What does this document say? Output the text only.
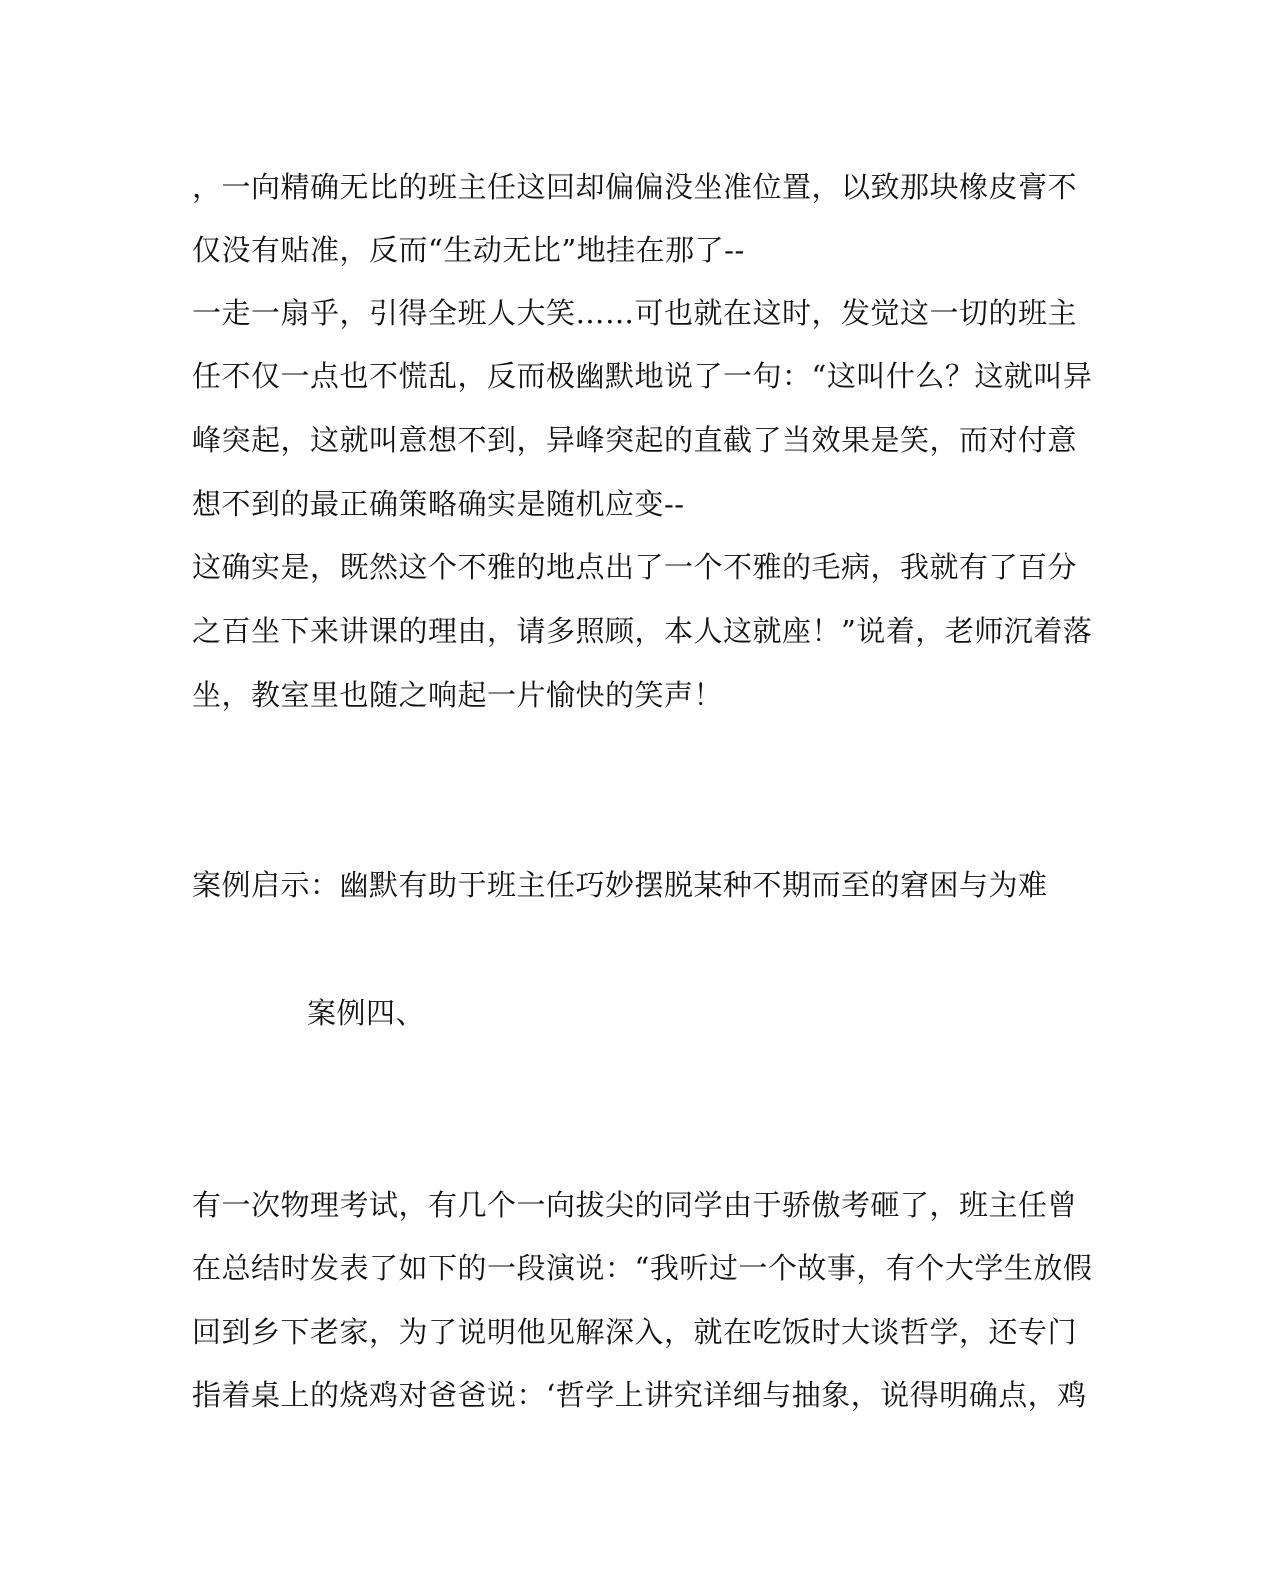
，一向精确无比的班主任这回却偏偏没坐准位置，以致那块橡皮膏不
仅没有贴准，反而“生动无比”地挂在那了--
一走一扇乎，引得全班人大笑……可也就在这时，发觉这一切的班主
任不仅一点也不慌乱，反而极幽默地说了一句：“这叫什么？这就叫异
峰突起，这就叫意想不到，异峰突起的直截了当效果是笑，而对付意
想不到的最正确策略确实是随机应变--
这确实是，既然这个不雅的地点出了一个不雅的毛病，我就有了百分
之百坐下来讲课的理由，请多照顾，本人这就座！”说着，老师沉着落
坐，教室里也随之响起一片愉快的笑声！
案例启示：幽默有助于班主任巧妙摆脱某种不期而至的窘困与为难
案例四、
有一次物理考试，有几个一向拔尖的同学由于骄傲考砸了，班主任曾
在总结时发表了如下的一段演说：“我听过一个故事，有个大学生放假
回到乡下老家，为了说明他见解深入，就在吃饭时大谈哲学，还专门
指着桌上的烧鸡对爸爸说：‘哲学上讲究详细与抽象，说得明确点，鸡
